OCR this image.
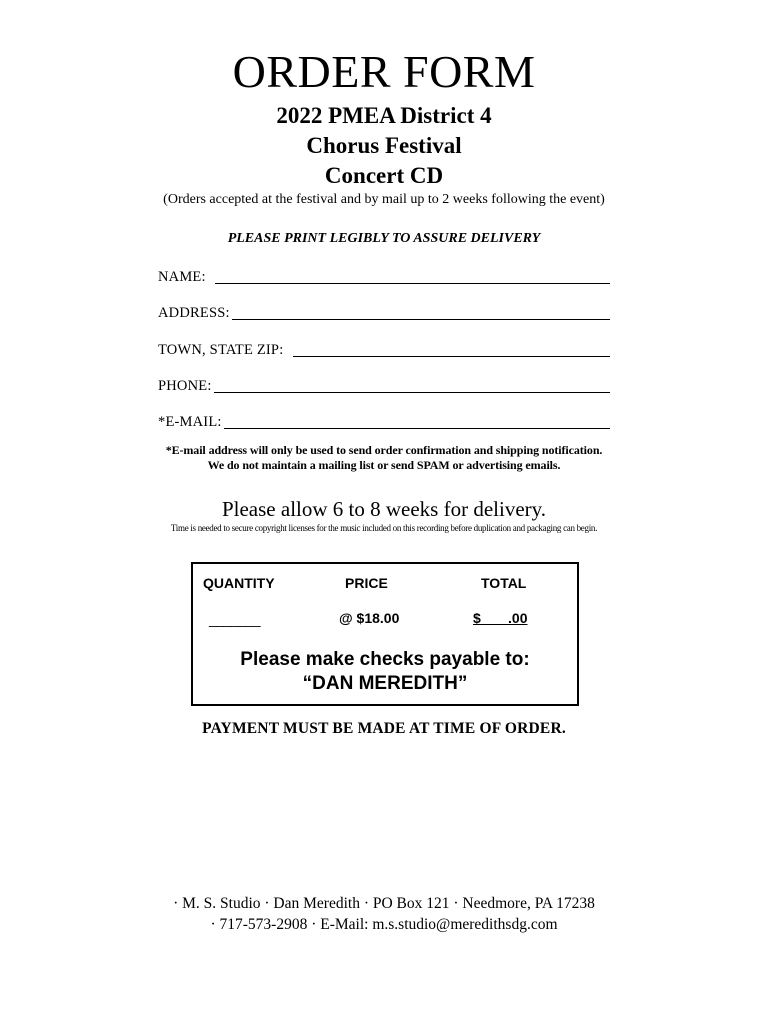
ORDER FORM
2022 PMEA District 4
Chorus Festival
Concert CD
(Orders accepted at the festival and by mail up to 2 weeks following the event)
PLEASE PRINT LEGIBLY TO ASSURE DELIVERY
NAME:
ADDRESS:
TOWN, STATE ZIP:
PHONE:
*E-MAIL:
*E-mail address will only be used to send order confirmation and shipping notification.
We do not maintain a mailing list or send SPAM or advertising emails.
Please allow 6 to 8 weeks for delivery.
Time is needed to secure copyright licenses for the music included on this recording before duplication and packaging can begin.
QUANTITY	PRICE	TOTAL
_______	@ $18.00	$       .00
Please make checks payable to:
“DAN MEREDITH”
PAYMENT MUST BE MADE AT TIME OF ORDER.
· M. S. Studio · Dan Meredith · PO Box 121 · Needmore, PA 17238
· 717-573-2908 · E-Mail: m.s.studio@meredithsdg.com
